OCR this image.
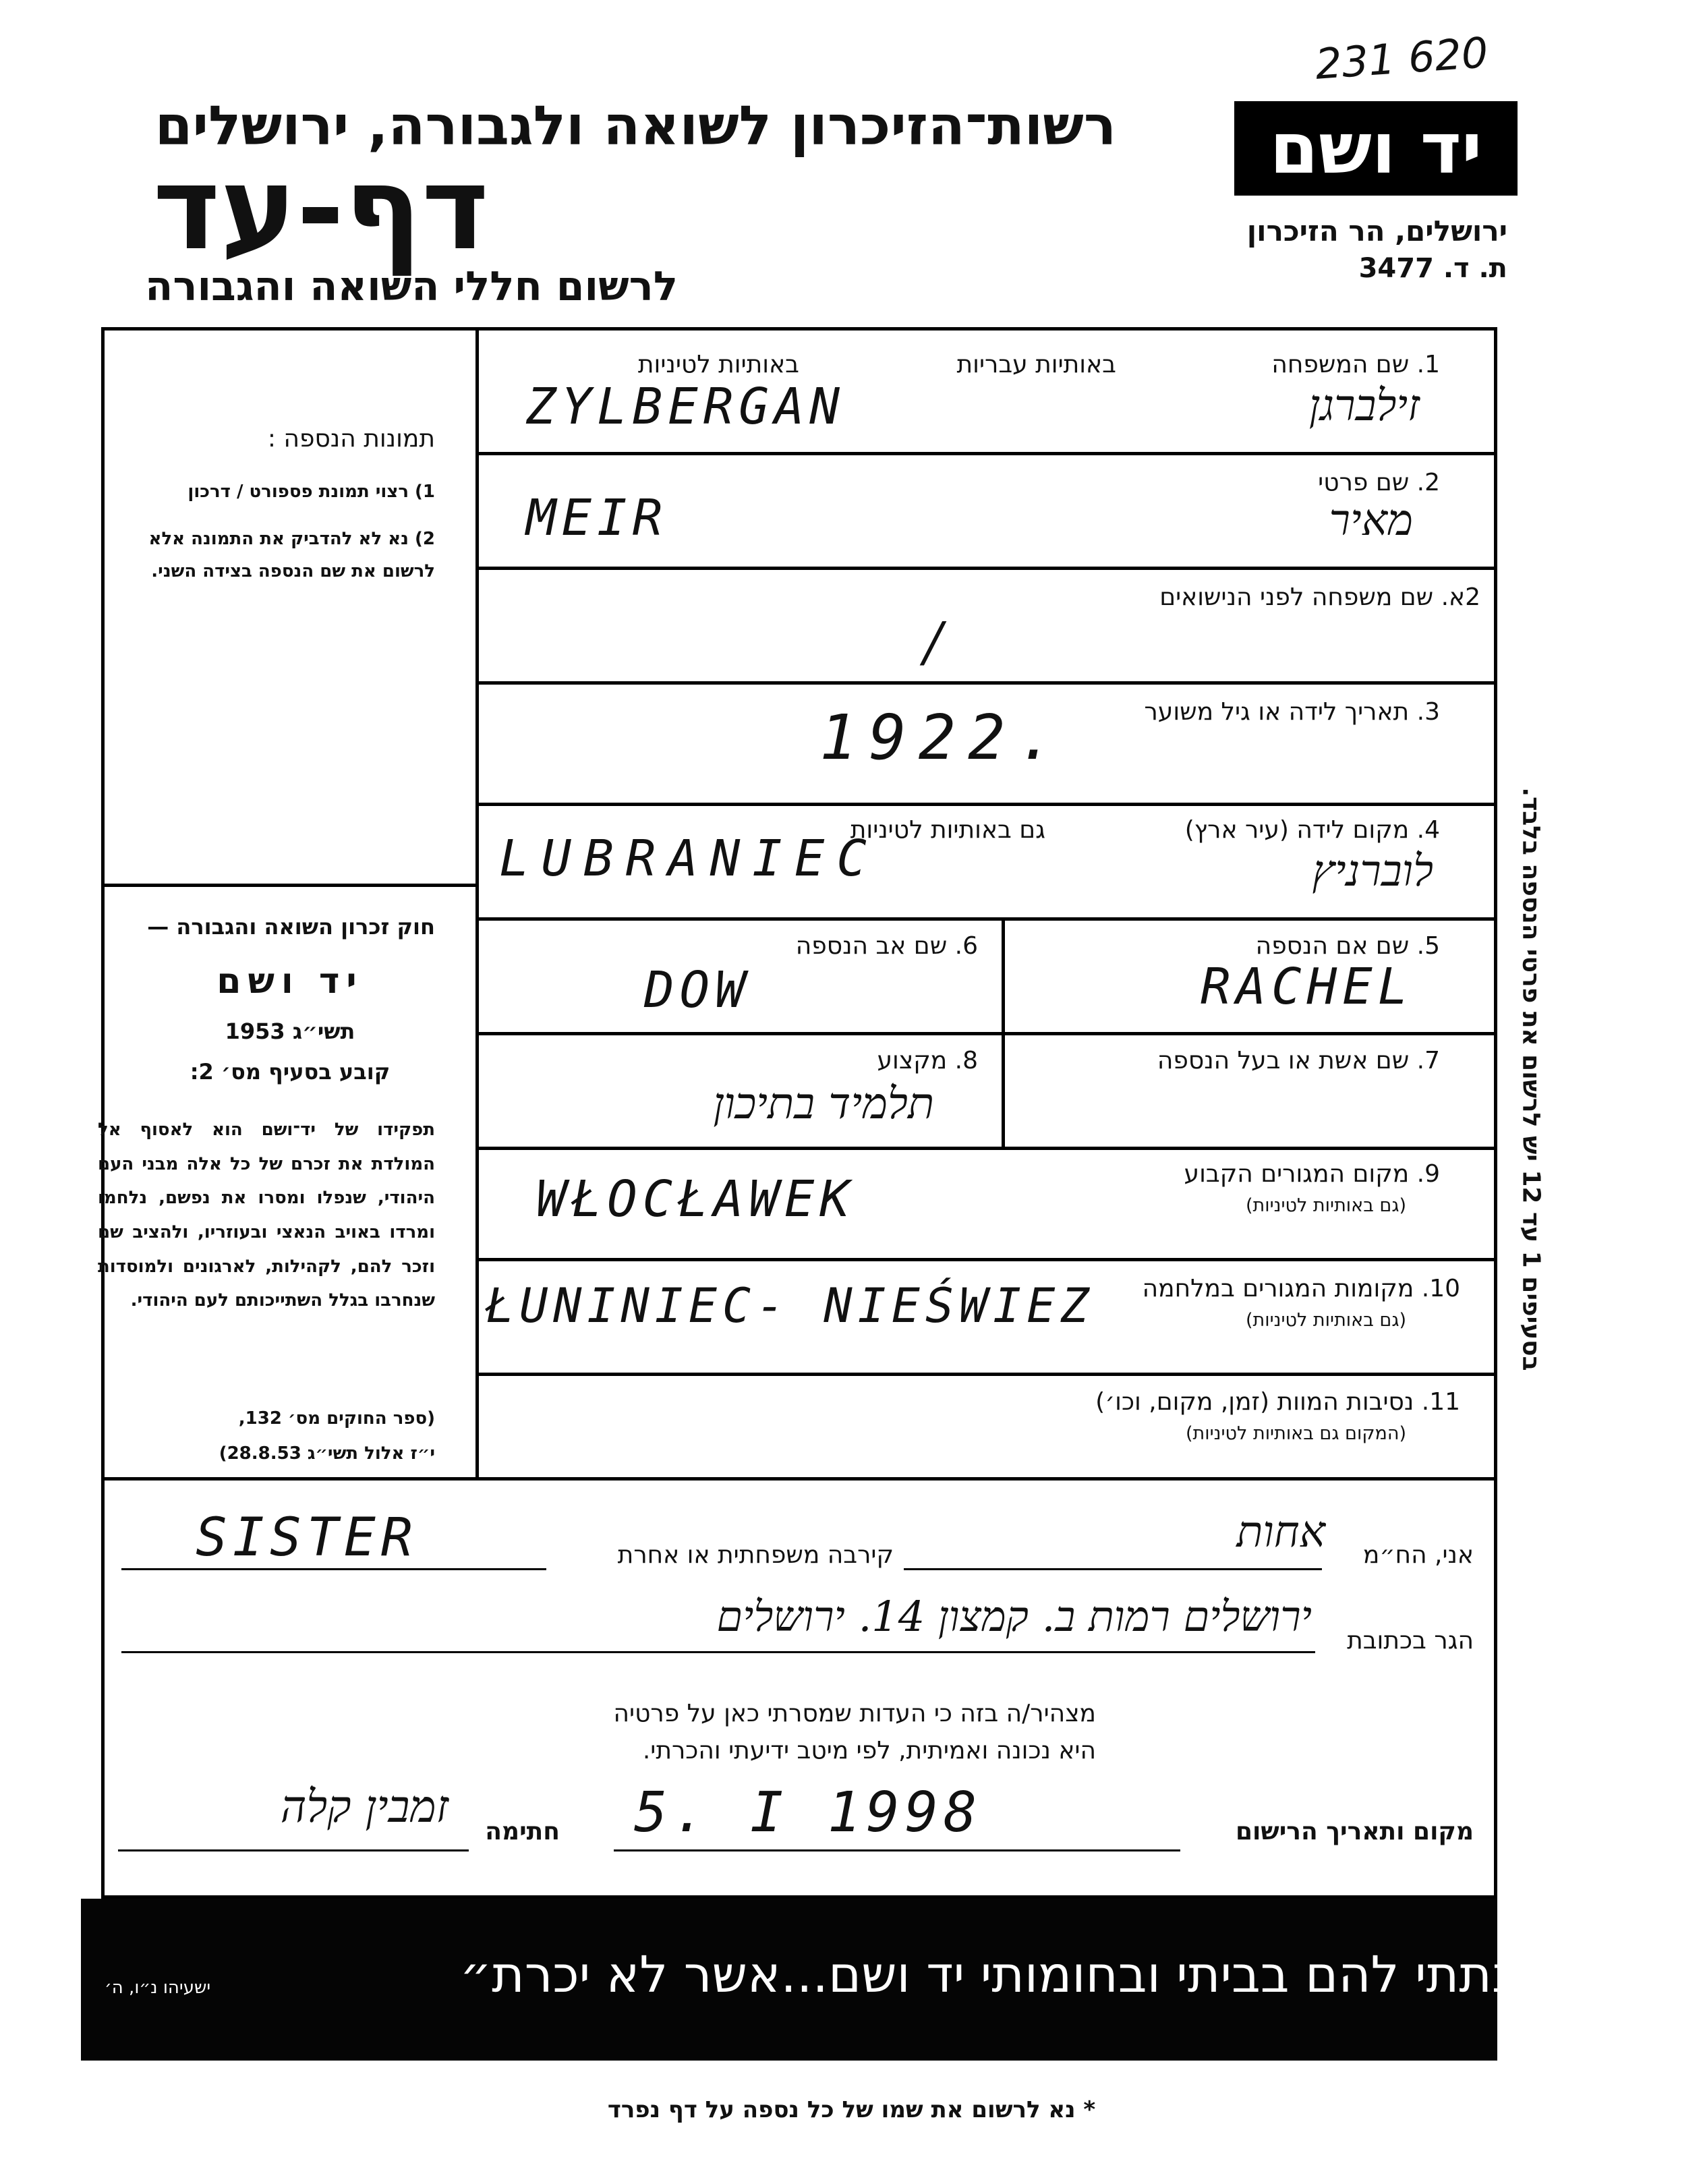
231 620
יד ושם
רשות־הזיכרון לשואה ולגבורה, ירושלים
דף-עד
לרשום חללי השואה והגבורה
ירושלים, הר הזיכרון
ת. ד. 3477
תמונות הנספה :
1) רצוי תמונת פספורט / דרכון
2) נא לא להדביק את התמונה אלא לרשום את שם הנספה בצידה השני.
חוק זכרון השואה והגבורה —
יד ושם
תשי״ג 1953
קובע בסעיף מס׳ 2:
תפקידו של יד־ושם הוא לאסוף אל המולדת את זכרם של כל אלה מבני העם היהודי, שנפלו ומסרו את נפשם, נלחמו ומרדו באויב הנאצי ובעוזריו, ולהציב שם וזכר להם, לקהילות, לארגונים ולמוסדות שנחרבו בגלל השתייכותם לעם היהודי.
(ספר החוקים מס׳ 132,
י״ז אלול תשי״ג 28.8.53)
1. שם המשפחה
באותיות עבריות
באותיות לטיניות
ZYLBERGAN	זילברגן
2. שם פרטי
MEIR	מאיר
2א. שם משפחה לפני הנישואים
/
3. תאריך לידה או גיל משוער
1922.
4. מקום לידה (עיר ארץ)
גם באותיות לטיניות
LUBRANIEC	לוברניץ
5. שם אם הנספה
RACHEL
6. שם אב הנספה
DOW
7. שם אשת או בעל הנספה
8. מקצוע
תלמיד בתיכון
9. מקום המגורים הקבוע
(גם באותיות לטיניות)
WŁOCŁAWEK
10. מקומות המגורים במלחמה
(גם באותיות לטיניות)
ŁUNINIEC- NIEŚWIEZ
11. נסיבות המוות (זמן, מקום, וכו׳)
(המקום גם באותיות לטיניות)
בסעיפים 1 עד 12 יש לרשום את פרטי הנספה בלבד.
אני, הח״מ
אחות
קירבה משפחתית או אחרת
SISTER
הגר בכתובת
ירושלים רמות ב. קמצון 14. ירושלים
מצהיר/ה בזה כי העדות שמסרתי כאן על פרטיה
היא נכונה ואמיתית, לפי מיטב ידיעתי והכרתי.
מקום ותאריך הרישום
5. I 1998
חתימה
זמבין קלה
״...ונתתי להם בביתי ובחומותי יד ושם...אשר לא יכרת״
ישעיהו נ״ו, ה׳
* נא לרשום את שמו של כל נספה על דף נפרד
